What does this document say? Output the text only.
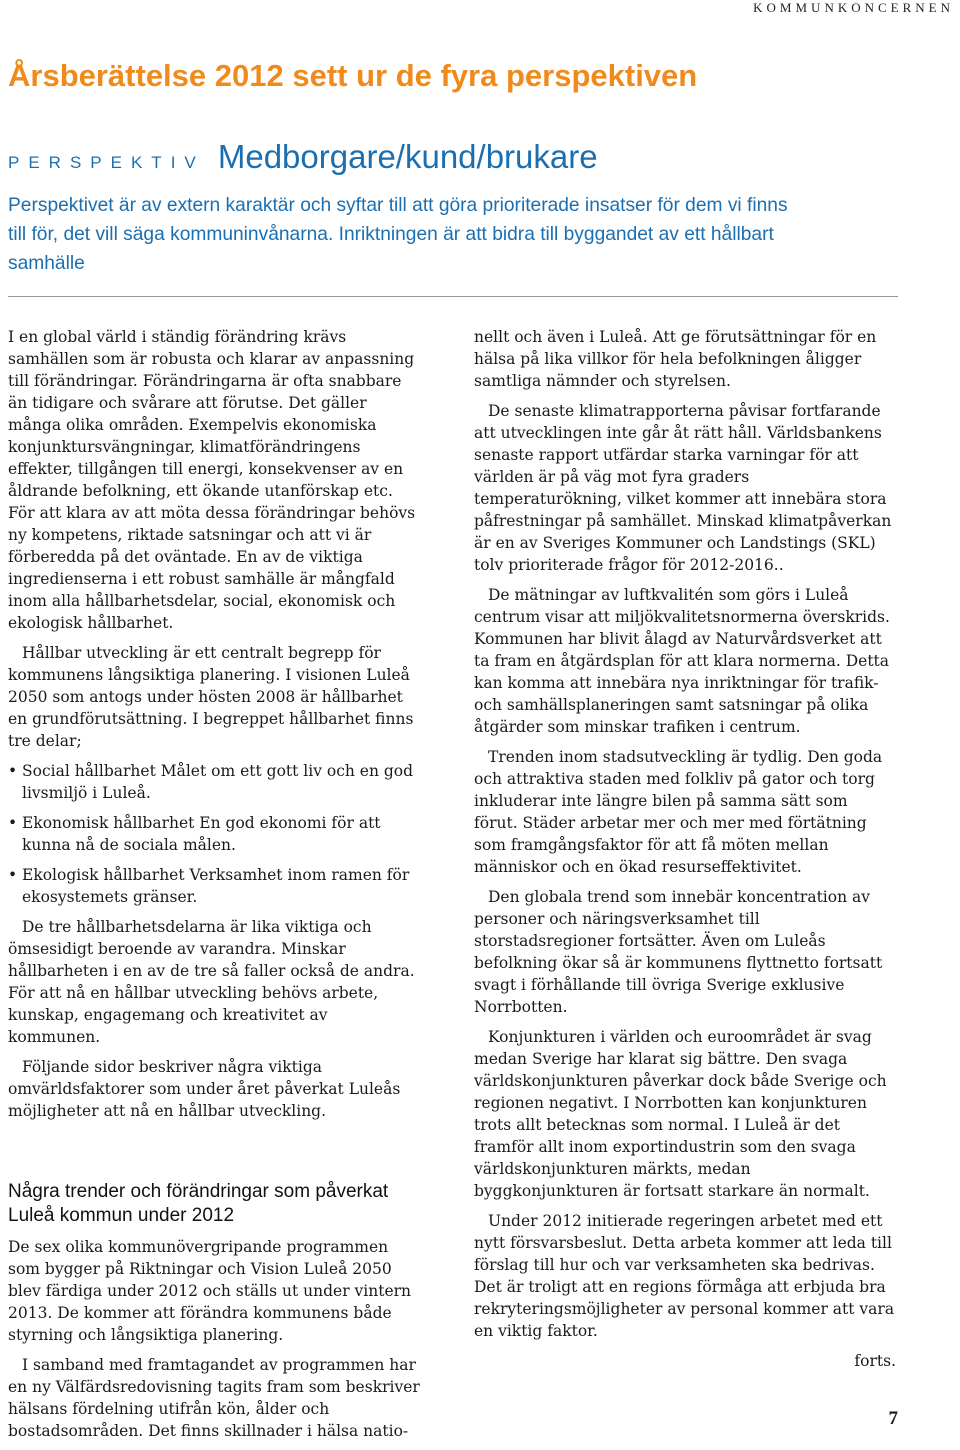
KOMMUNKONCERNEN
Årsberättelse 2012 sett ur de fyra perspektiven
PERSPEKTIV Medborgare/kund/brukare

Perspektivet är av extern karaktär och syftar till att göra prioriterade insatser för dem vi finns till för, det vill säga kommuninvånarna. Inriktningen är att bidra till byggandet av ett hållbart samhälle

I en global värld i ständig förändring krävs samhällen som är robusta och klarar av anpassning till förändringar. Förändringarna är ofta snabbare än tidigare och svårare att förutse. Det gäller många olika områden. Exempelvis ekonomiska konjunktursvängningar, klimatförändringens effekter, tillgången till energi, konsekvenser av en åldrande befolkning, ett ökande utanförskap etc. För att klara av att möta dessa förändringar behövs ny kompetens, riktade satsningar och att vi är förberedda på det oväntade. En av de viktiga ingredienserna i ett robust samhälle är mångfald inom alla hållbarhetsdelar, social, ekonomisk och ekologisk hållbarhet.

Hållbar utveckling är ett centralt begrepp för kommunens långsiktiga planering. I visionen Luleå 2050 som antogs under hösten 2008 är hållbarhet en grundförutsättning. I begreppet hållbarhet finns tre delar;

• Social hållbarhet Målet om ett gott liv och en god livsmiljö i Luleå.
• Ekonomisk hållbarhet En god ekonomi för att kunna nå de sociala målen.
• Ekologisk hållbarhet Verksamhet inom ramen för ekosystemets gränser.

De tre hållbarhetsdelarna är lika viktiga och ömsesidigt beroende av varandra. Minskar hållbarheten i en av de tre så faller också de andra. För att nå en hållbar utveckling behövs arbete, kunskap, engagemang och kreativitet av kommunen.

Följande sidor beskriver några viktiga omvärldsfaktorer som under året påverkat Luleås möjligheter att nå en hållbar utveckling.

Några trender och förändringar som påverkat Luleå kommun under 2012

De sex olika kommunövergripande programmen som bygger på Riktningar och Vision Luleå 2050 blev färdiga under 2012 och ställs ut under vintern 2013. De kommer att förändra kommunens både styrning och långsiktiga planering.

I samband med framtagandet av programmen har en ny Välfärdsredovisning tagits fram som beskriver hälsans fördelning utifrån kön, ålder och bostadsområden. Det finns skillnader i hälsa natio-

nellt och även i Luleå. Att ge förutsättningar för en hälsa på lika villkor för hela befolkningen åligger samtliga nämnder och styrelsen.

De senaste klimatrapporterna påvisar fortfarande att utvecklingen inte går åt rätt håll. Världsbankens senaste rapport utfärdar starka varningar för att världen är på väg mot fyra graders temperaturökning, vilket kommer att innebära stora påfrestningar på samhället. Minskad klimatpåverkan är en av Sveriges Kommuner och Landstings (SKL) tolv prioriterade frågor för 2012-2016..

De mätningar av luftkvalitén som görs i Luleå centrum visar att miljökvalitetsnormerna överskrids. Kommunen har blivit ålagd av Naturvårdsverket att ta fram en åtgärdsplan för att klara normerna. Detta kan komma att innebära nya inriktningar för trafik- och samhällsplaneringen samt satsningar på olika åtgärder som minskar trafiken i centrum.

Trenden inom stadsutveckling är tydlig. Den goda och attraktiva staden med folkliv på gator och torg inkluderar inte längre bilen på samma sätt som förut. Städer arbetar mer och mer med förtätning som framgångsfaktor för att få möten mellan människor och en ökad resurseffektivitet.

Den globala trend som innebär koncentration av personer och näringsverksamhet till storstadsregioner fortsätter. Även om Luleås befolkning ökar så är kommunens flyttnetto fortsatt svagt i förhållande till övriga Sverige exklusive Norrbotten.

Konjunkturen i världen och euroområdet är svag medan Sverige har klarat sig bättre. Den svaga världskonjunkturen påverkar dock både Sverige och regionen negativt. I Norrbotten kan konjunkturen trots allt betecknas som normal. I Luleå är det framför allt inom exportindustrin som den svaga världskonjunkturen märkts, medan byggkonjunkturen är fortsatt starkare än normalt.

Under 2012 initierade regeringen arbetet med ett nytt försvarsbeslut. Detta arbeta kommer att leda till förslag till hur och var verksamheten ska bedrivas. Det är troligt att en regions förmåga att erbjuda bra rekryteringsmöjligheter av personal kommer att vara en viktig faktor.

forts.

7
